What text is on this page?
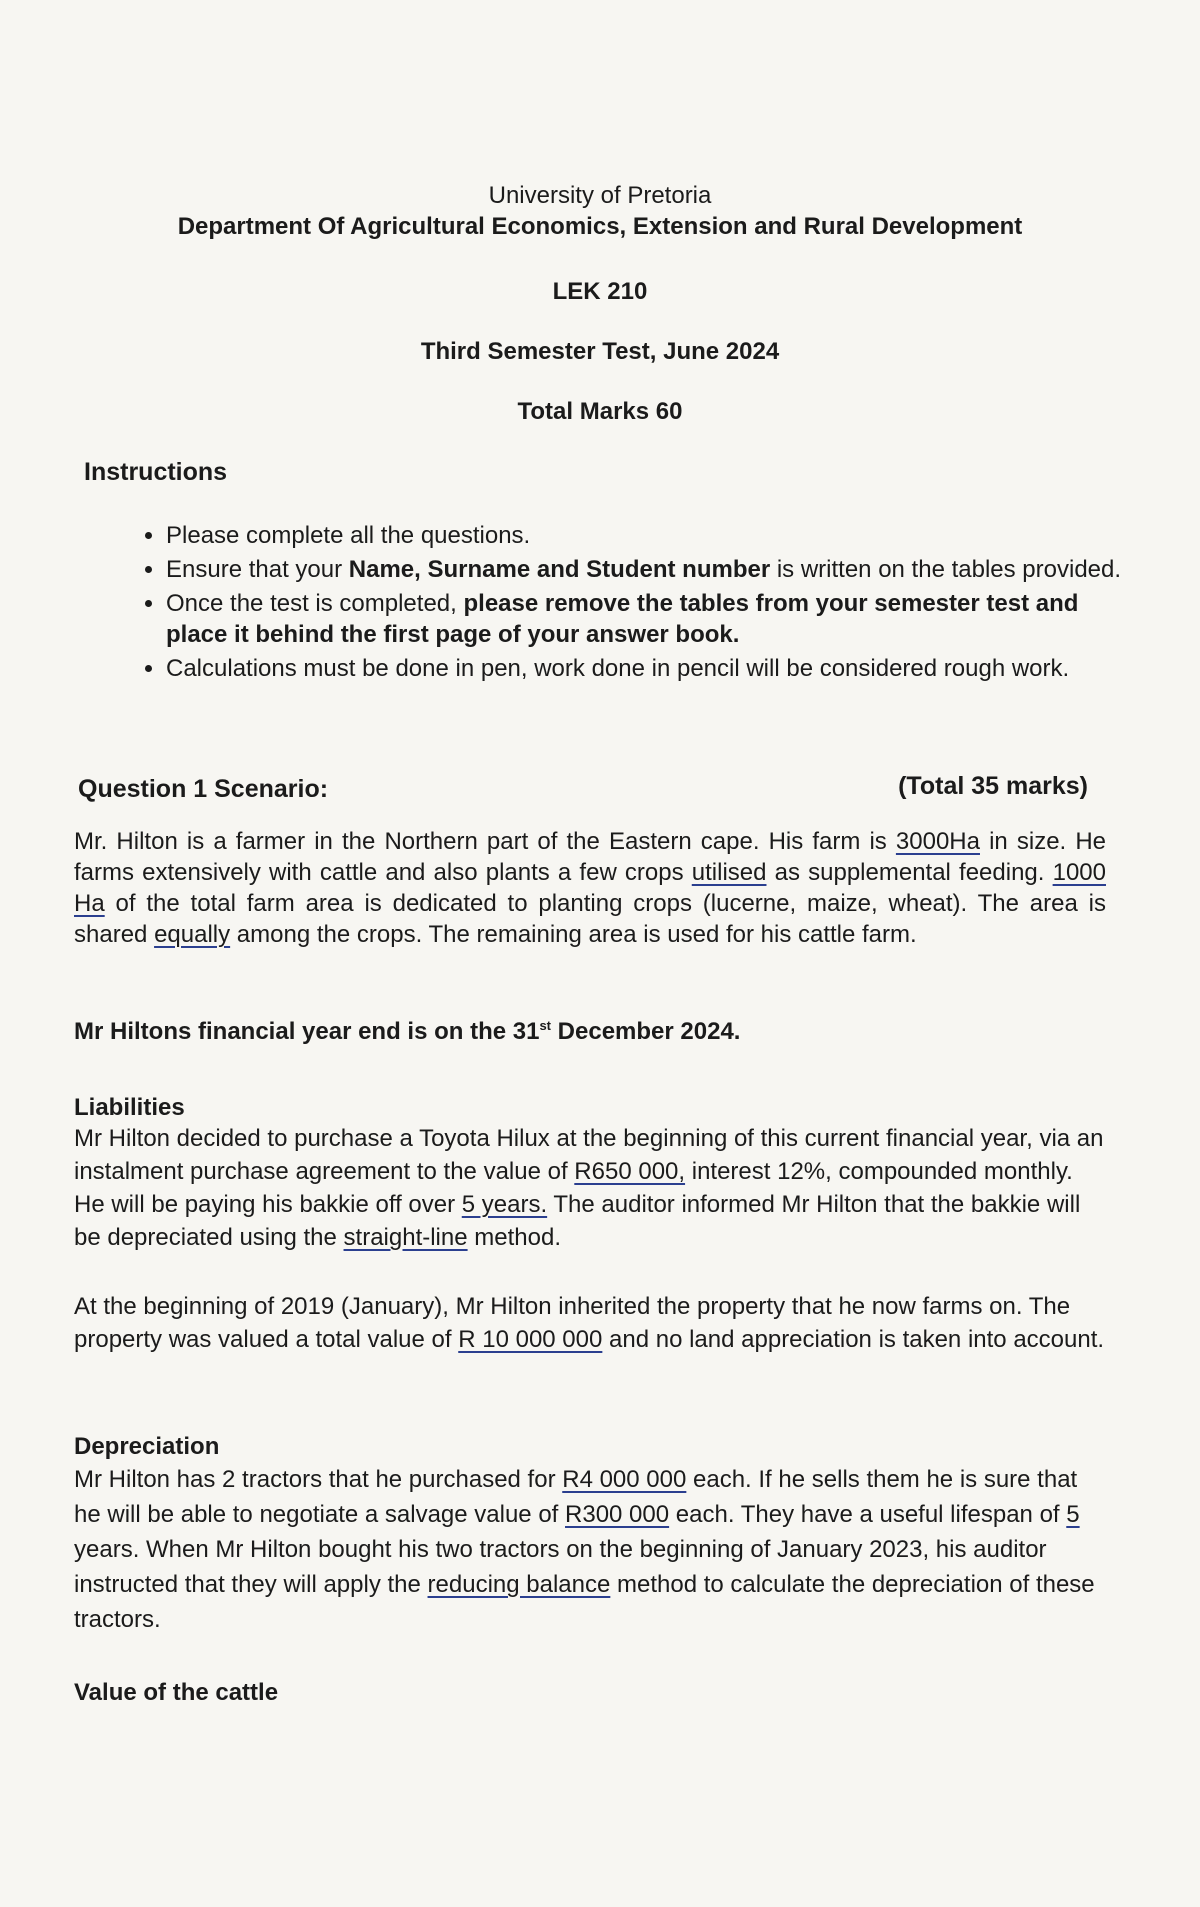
University of Pretoria
Department Of Agricultural Economics, Extension and Rural Development
LEK 210
Third Semester Test, June 2024
Total Marks 60
Instructions
• Please complete all the questions.
• Ensure that your Name, Surname and Student number is written on the tables provided.
• Once the test is completed, please remove the tables from your semester test and place it behind the first page of your answer book.
• Calculations must be done in pen, work done in pencil will be considered rough work.
Question 1 Scenario:	(Total 35 marks)
Mr. Hilton is a farmer in the Northern part of the Eastern cape. His farm is 3000Ha in size. He farms extensively with cattle and also plants a few crops utilised as supplemental feeding. 1000 Ha of the total farm area is dedicated to planting crops (lucerne, maize, wheat). The area is shared equally among the crops. The remaining area is used for his cattle farm.
Mr Hiltons financial year end is on the 31st December 2024.
Liabilities
Mr Hilton decided to purchase a Toyota Hilux at the beginning of this current financial year, via an instalment purchase agreement to the value of R650 000, interest 12%, compounded monthly. He will be paying his bakkie off over 5 years. The auditor informed Mr Hilton that the bakkie will be depreciated using the straight-line method.
At the beginning of 2019 (January), Mr Hilton inherited the property that he now farms on. The property was valued a total value of R 10 000 000 and no land appreciation is taken into account.
Depreciation
Mr Hilton has 2 tractors that he purchased for R4 000 000 each. If he sells them he is sure that he will be able to negotiate a salvage value of R300 000 each. They have a useful lifespan of 5 years. When Mr Hilton bought his two tractors on the beginning of January 2023, his auditor instructed that they will apply the reducing balance method to calculate the depreciation of these tractors.
Value of the cattle
